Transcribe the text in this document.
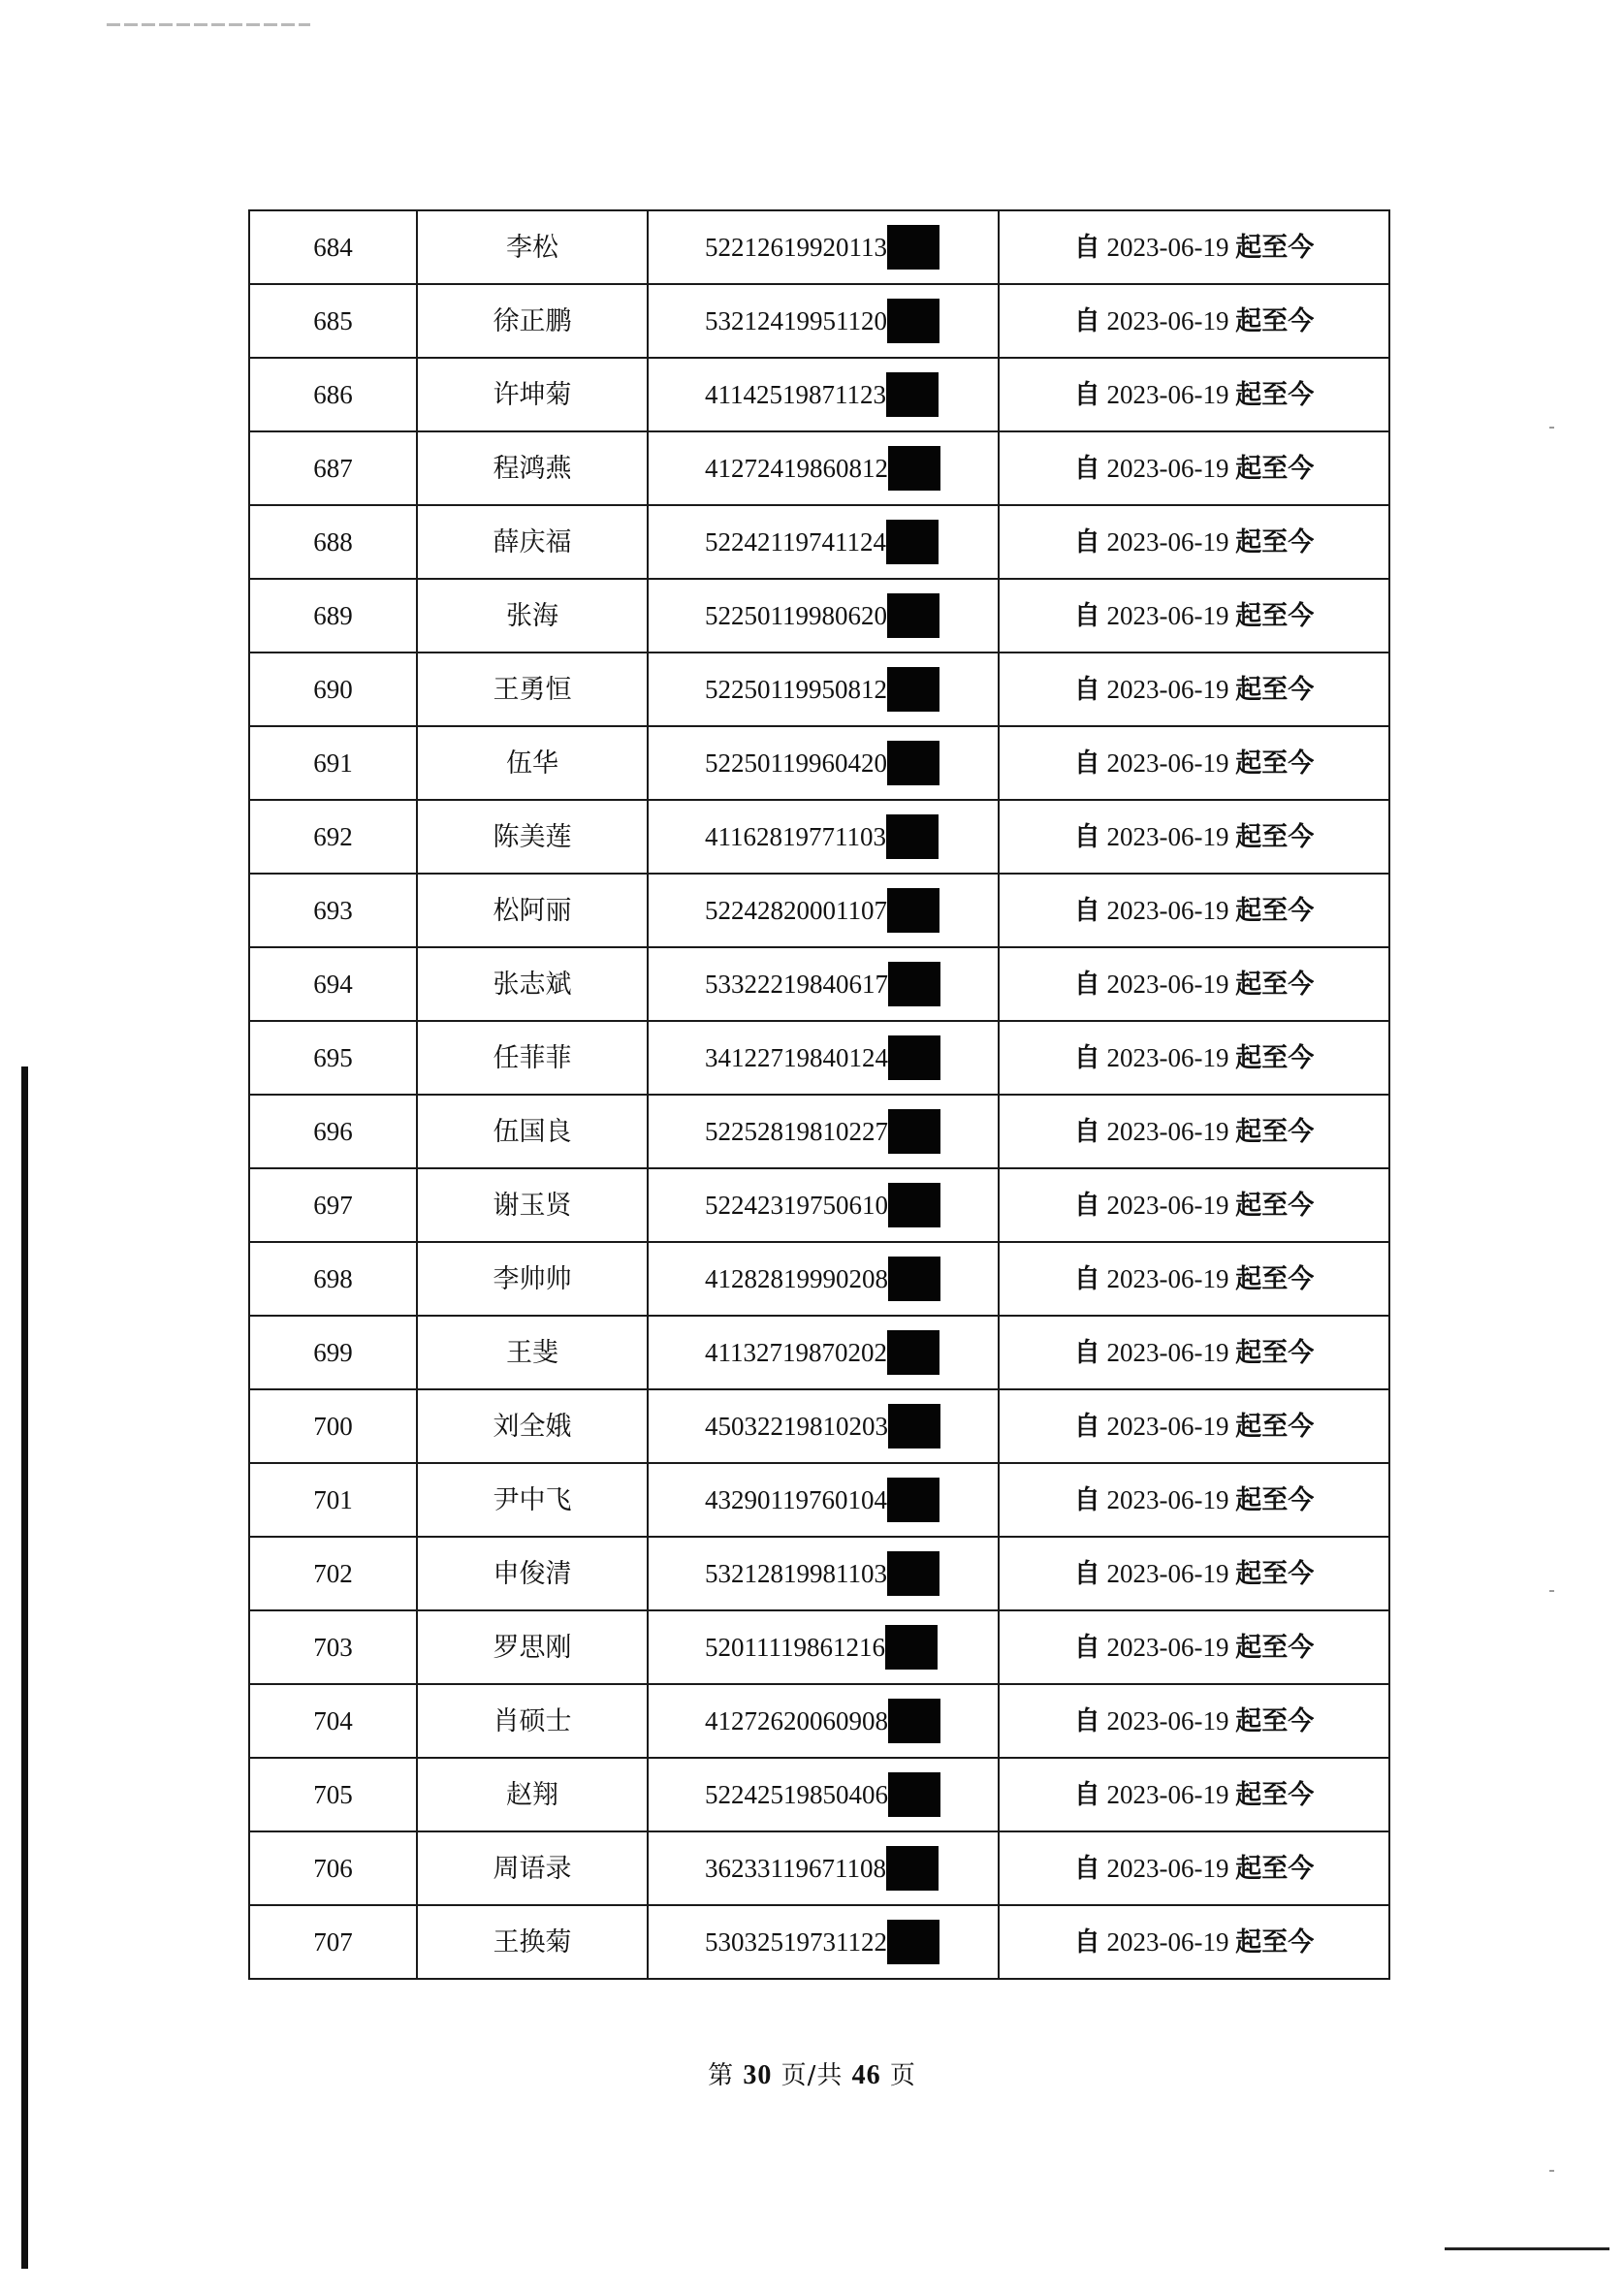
684	李松	52212619920113	自 2023-06-19 起至今
685	徐正鹏	53212419951120	自 2023-06-19 起至今
686	许坤菊	41142519871123	自 2023-06-19 起至今
687	程鸿燕	41272419860812	自 2023-06-19 起至今
688	薛庆福	52242119741124	自 2023-06-19 起至今
689	张海	52250119980620	自 2023-06-19 起至今
690	王勇恒	52250119950812	自 2023-06-19 起至今
691	伍华	52250119960420	自 2023-06-19 起至今
692	陈美莲	41162819771103	自 2023-06-19 起至今
693	松阿丽	52242820001107	自 2023-06-19 起至今
694	张志斌	53322219840617	自 2023-06-19 起至今
695	任菲菲	34122719840124	自 2023-06-19 起至今
696	伍国良	52252819810227	自 2023-06-19 起至今
697	谢玉贤	52242319750610	自 2023-06-19 起至今
698	李帅帅	41282819990208	自 2023-06-19 起至今
699	王斐	41132719870202	自 2023-06-19 起至今
700	刘全娥	45032219810203	自 2023-06-19 起至今
701	尹中飞	43290119760104	自 2023-06-19 起至今
702	申俊清	53212819981103	自 2023-06-19 起至今
703	罗思刚	52011119861216	自 2023-06-19 起至今
704	肖硕士	41272620060908	自 2023-06-19 起至今
705	赵翔	52242519850406	自 2023-06-19 起至今
706	周语录	36233119671108	自 2023-06-19 起至今
707	王换菊	53032519731122	自 2023-06-19 起至今
第 30 页/共 46 页
